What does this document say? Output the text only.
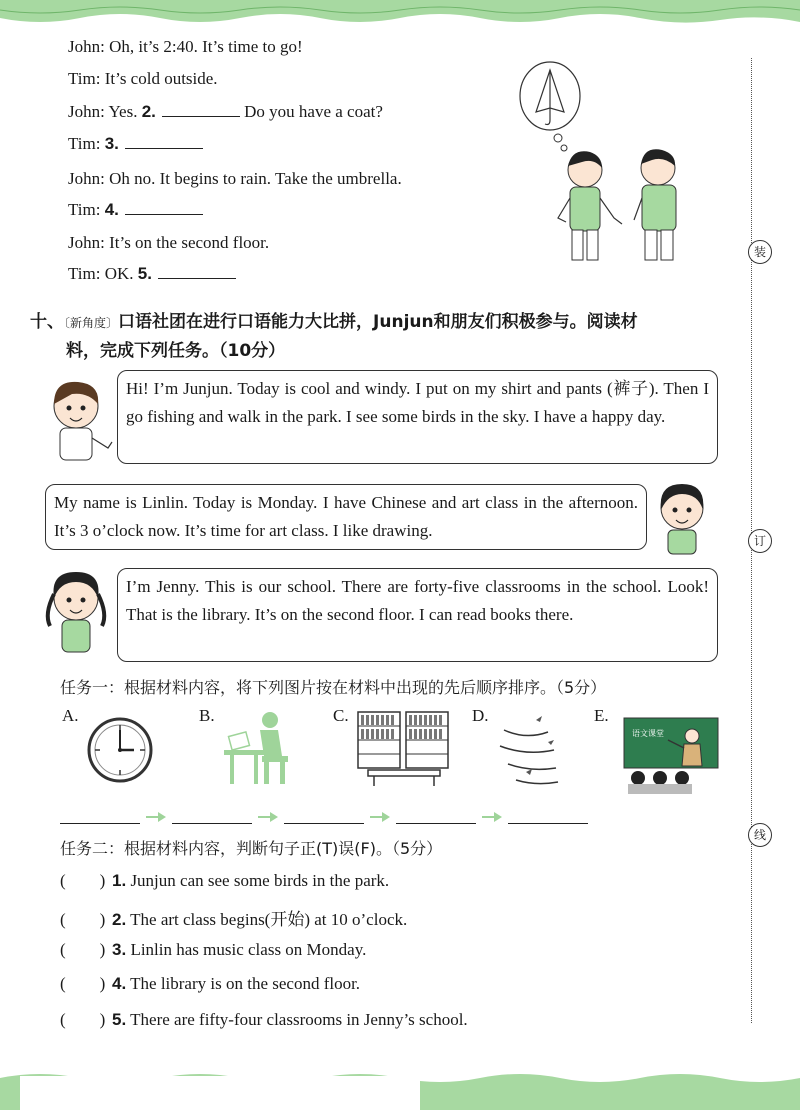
装
订
线
John: Oh, it’s 2:40. It’s time to go!
Tim: It’s cold outside.
John: Yes. 2.	Do you have a coat?
Tim: 3.
John: Oh no. It begins to rain. Take the umbrella.
Tim: 4.
John: It’s on the second floor.
Tim: OK. 5.
十、〔新角度〕口语社团在进行口语能力大比拼，Junjun和朋友们积极参与。阅读材
料，完成下列任务。（10分）
Hi! I’m Junjun. Today is cool and windy. I put on my shirt and pants (裤子). Then I go fishing and walk in the park. I see some birds in the sky. I have a happy day.
My name is Linlin. Today is Monday. I have Chinese and art class in the afternoon. It’s 3 o’clock now. It’s time for art class. I like drawing.
I’m Jenny. This is our school. There are forty-five classrooms in the school. Look! That is the library. It’s on the second floor. I can read books there.
任务一：根据材料内容，将下列图片按在材料中出现的先后顺序排序。（5分）
A.	B.	C.	D.	E.
语文课堂
任务二：根据材料内容，判断句子正(T)误(F)。（5分）
(        ) 1. Junjun can see some birds in the park.
(        ) 2. The art class begins(开始) at 10 o’clock.
(        ) 3. Linlin has music class on Monday.
(        ) 4. The library is on the second floor.
(        ) 5. There are fifty-four classrooms in Jenny’s school.
